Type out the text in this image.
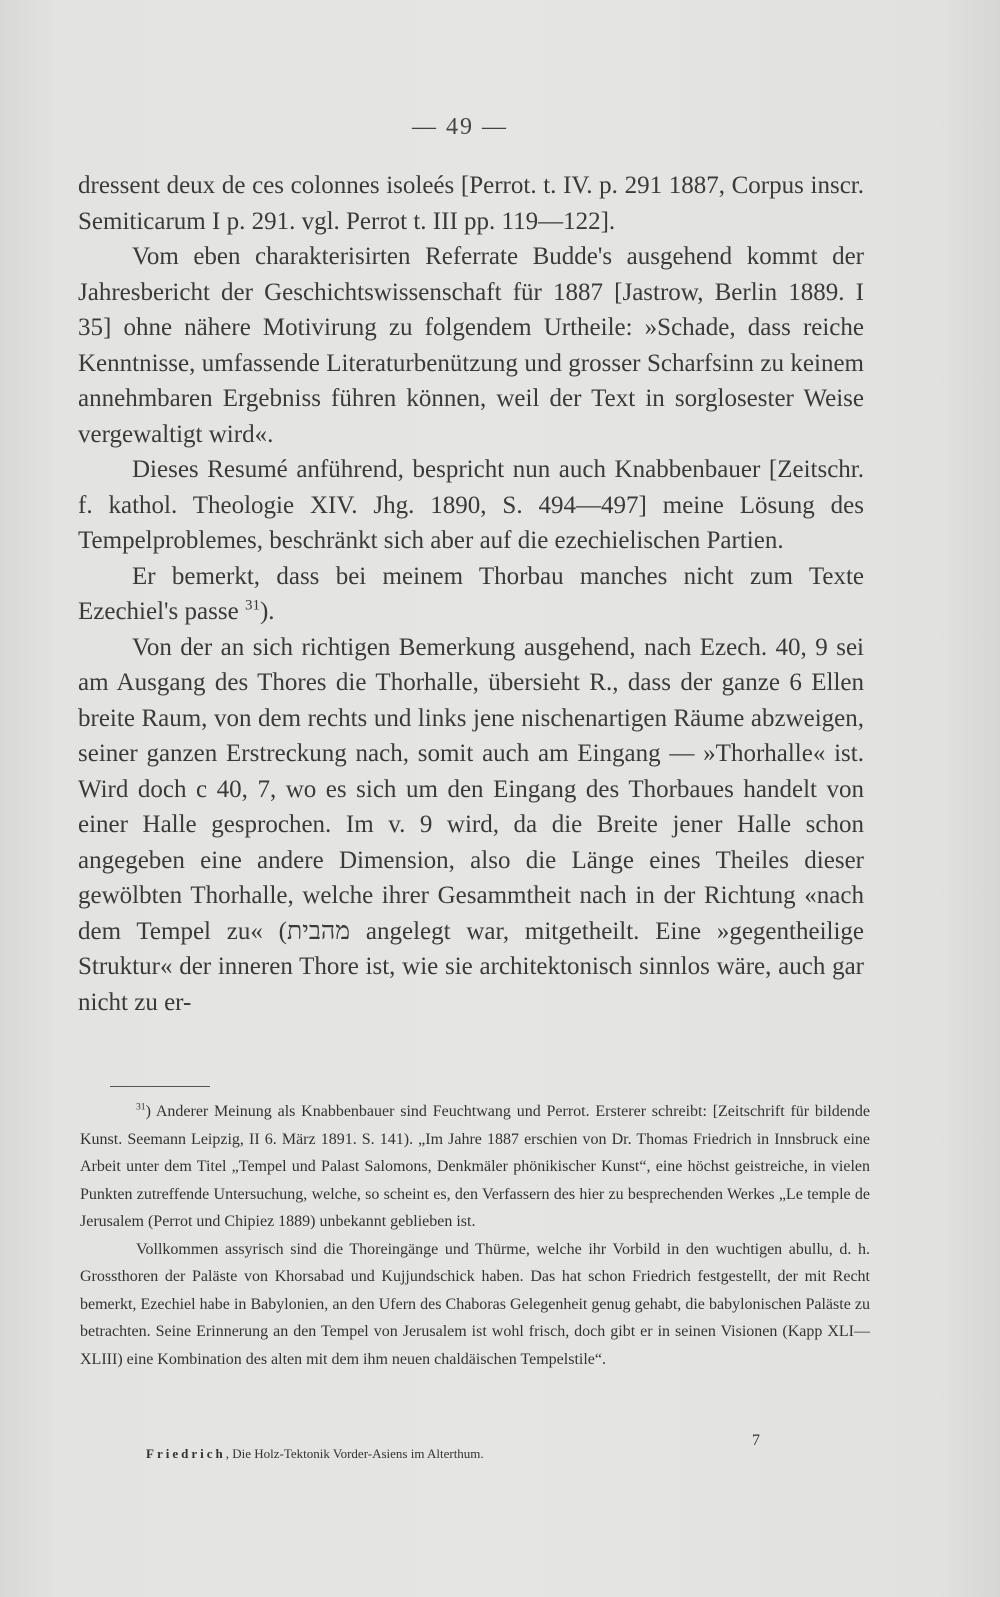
— 49 —

dressent deux de ces colonnes isoleés [Perrot. t. IV. p. 291 1887, Corpus inscr. Semiticarum I p. 291. vgl. Perrot t. III pp. 119—122].

Vom eben charakterisirten Referrate Budde's ausgehend kommt der Jahresbericht der Geschichtswissenschaft für 1887 [Jastrow, Berlin 1889. I 35] ohne nähere Motivirung zu folgendem Urtheile: »Schade, dass reiche Kenntnisse, umfassende Literaturbenützung und grosser Scharfsinn zu keinem annehmbaren Ergebniss führen können, weil der Text in sorglosester Weise vergewaltigt wird«.

Dieses Resumé anführend, bespricht nun auch Knabbenbauer [Zeitschr. f. kathol. Theologie XIV. Jhg. 1890, S. 494—497] meine Lösung des Tempelproblemes, beschränkt sich aber auf die ezechielischen Partien.

Er bemerkt, dass bei meinem Thorbau manches nicht zum Texte Ezechiel's passe $^{31}$).

Von der an sich richtigen Bemerkung ausgehend, nach Ezech. 40, 9 sei am Ausgang des Thores die Thorhalle, übersieht R., dass der ganze 6 Ellen breite Raum, von dem rechts und links jene nischenartigen Räume abzweigen, seiner ganzen Erstreckung nach, somit auch am Eingang — »Thorhalle« ist. Wird doch c 40, 7, wo es sich um den Eingang des Thorbaues handelt von einer Halle gesprochen. Im v. 9 wird, da die Breite jener Halle schon angegeben eine andere Dimension, also die Länge eines Theiles dieser gewölbten Thorhalle, welche ihrer Gesammtheit nach in der Richtung «nach dem Tempel zu« (מהבית angelegt war, mitgetheilt. Eine »gegentheilige Struktur« der inneren Thore ist, wie sie architektonisch sinnlos wäre, auch gar nicht zu er-

$^{31}$) Anderer Meinung als Knabbenbauer sind Feuchtwang und Perrot. Ersterer schreibt: [Zeitschrift für bildende Kunst. Seemann Leipzig, II 6. März 1891. S. 141). „Im Jahre 1887 erschien von Dr. Thomas Friedrich in Innsbruck eine Arbeit unter dem Titel „Tempel und Palast Salomons, Denkmäler phönikischer Kunst“, eine höchst geistreiche, in vielen Punkten zutreffende Untersuchung, welche, so scheint es, den Verfassern des hier zu besprechenden Werkes „Le temple de Jerusalem (Perrot und Chipiez 1889) unbekannt geblieben ist.

Vollkommen assyrisch sind die Thoreingänge und Thürme, welche ihr Vorbild in den wuchtigen abullu, d. h. Grossthoren der Paläste von Khorsabad und Kujjundschick haben. Das hat schon Friedrich festgestellt, der mit Recht bemerkt, Ezechiel habe in Babylonien, an den Ufern des Chaboras Gelegenheit genug gehabt, die babylonischen Paläste zu betrachten. Seine Erinnerung an den Tempel von Jerusalem ist wohl frisch, doch gibt er in seinen Visionen (Kapp XLI—XLIII) eine Kombination des alten mit dem ihm neuen chaldäischen Tempelstile“.

7
Friedrich, Die Holz-Tektonik Vorder-Asiens im Alterthum.
